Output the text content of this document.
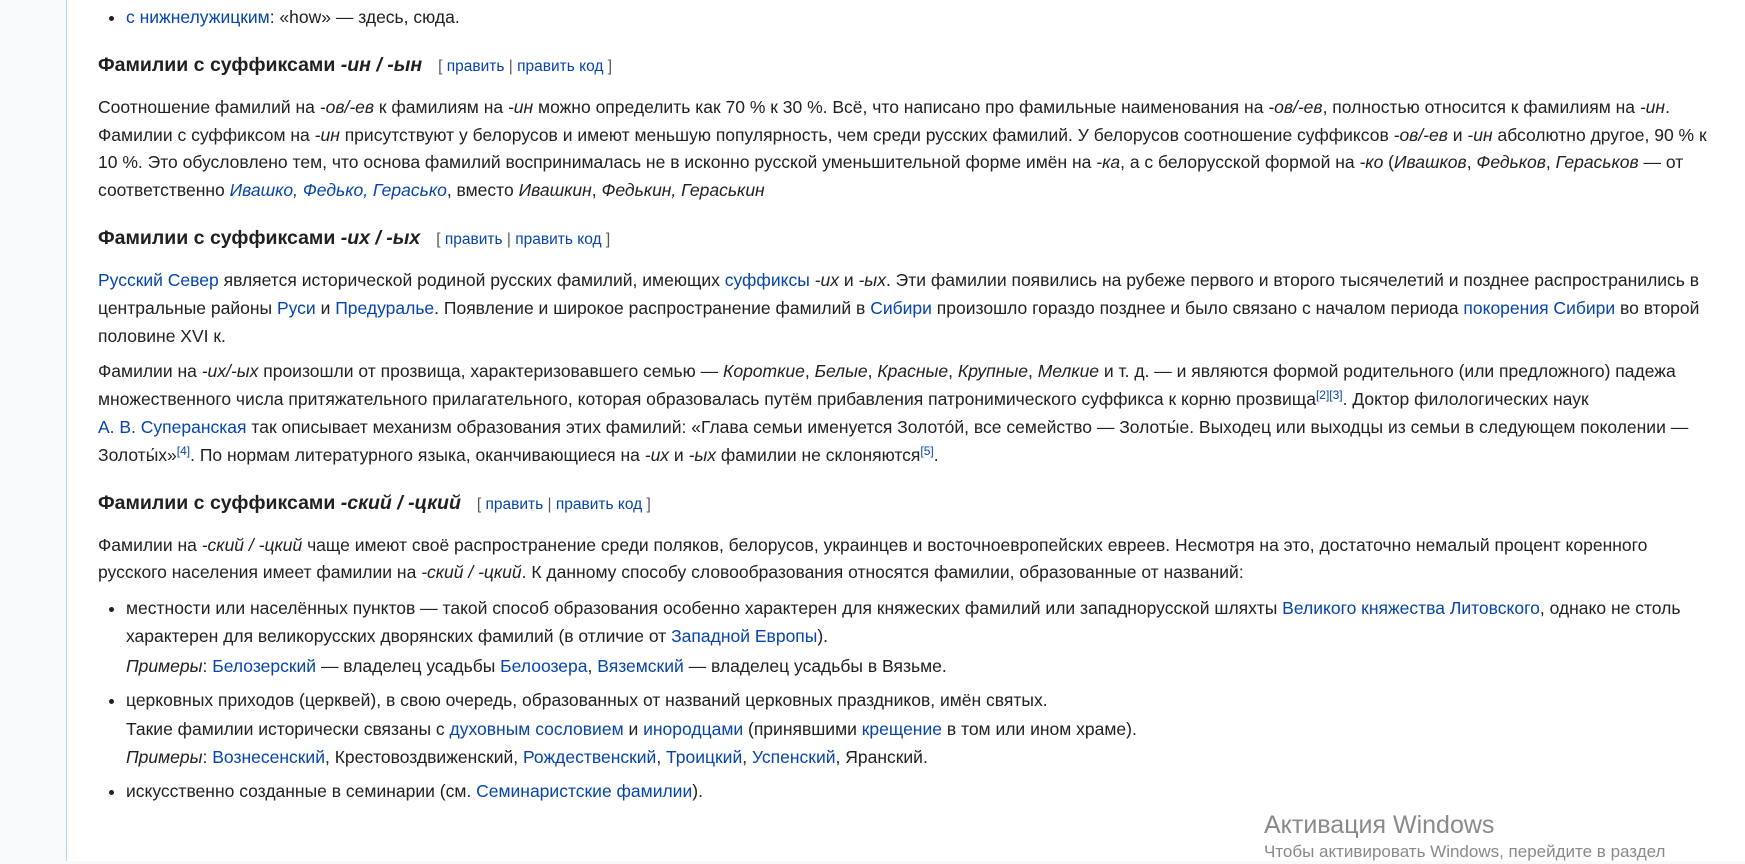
• с нижнелужицким: «how» — здесь, сюда.
Фамилии с суффиксами -ин / -ын [ править | править код ]

Соотношение фамилий на -ов/-ев к фамилиям на -ин можно определить как 70 % к 30 %. Всё, что написано про фамильные наименования на -ов/-ев, полностью относится к фамилиям на -ин. Фамилии с суффиксом на -ин присутствуют у белорусов и имеют меньшую популярность, чем среди русских фамилий. У белорусов соотношение суффиксов -ов/-ев и -ин абсолютно другое, 90 % к 10 %. Это обусловлено тем, что основа фамилий воспринималась не в исконно русской уменьшительной форме имён на -ка, а с белорусской формой на -ко (Ивашков, Федьков, Гераськов — от соответственно Ивашко, Федько, Гераськo, вместо Ивашкин, Федькин, Гераськин

Фамилии с суффиксами -их / -ых [ править | править код ]

Русский Север является исторической родиной русских фамилий, имеющих суффиксы -их и -ых. Эти фамилии появились на рубеже первого и второго тысячелетий и позднее распространились в центральные районы Руси и Предуралье. Появление и широкое распространение фамилий в Сибири произошло гораздо позднее и было связано с началом периода покорения Сибири во второй половине XVI к.

Фамилии на -их/-ых произошли от прозвища, характеризовавшего семью — Короткие, Белые, Красные, Крупные, Мелкие и т. д. — и являются формой родительного (или предложного) падежа множественного числа притяжательного прилагательного, которая образовалась путём прибавления патронимического суффикса к корню прозвища[2][3]. Доктор филологических наук
А. В. Суперанская так описывает механизм образования этих фамилий: «Глава семьи именуется Золото́й, все семейство — Золоты́е. Выходец или выходцы из семьи в следующем поколении — Золоты́х»[4]. По нормам литературного языка, оканчивающиеся на -их и -ых фамилии не склоняются[5].

Фамилии с суффиксами -ский / -цкий [ править | править код ]

Фамилии на -ский / -цкий чаще имеют своё распространение среди поляков, белорусов, украинцев и восточноевропейских евреев. Несмотря на это, достаточно немалый процент коренного русского населения имеет фамилии на -ский / -цкий. К данному способу словообразования относятся фамилии, образованные от названий:

• местности или населённых пунктов — такой способ образования особенно характерен для княжеских фамилий или западнорусской шляхты Великого княжества Литовского, однако не столь характерен для великорусских дворянских фамилий (в отличие от Западной Европы).
Примеры: Белозерский — владелец усадьбы Белоозера, Вяземский — владелец усадьбы в Вязьме.
• церковных приходов (церквей), в свою очередь, образованных от названий церковных праздников, имён святых.
Такие фамилии исторически связаны с духовным сословием и инородцами (принявшими крещение в том или ином храме).
Примеры: Вознесенский, Крестовоздвиженский, Рождественский, Троицкий, Успенский, Яранский.
• искусственно созданные в семинарии (см. Семинаристские фамилии).
Активация Windows
Чтобы активировать Windows, перейдите в раздел
